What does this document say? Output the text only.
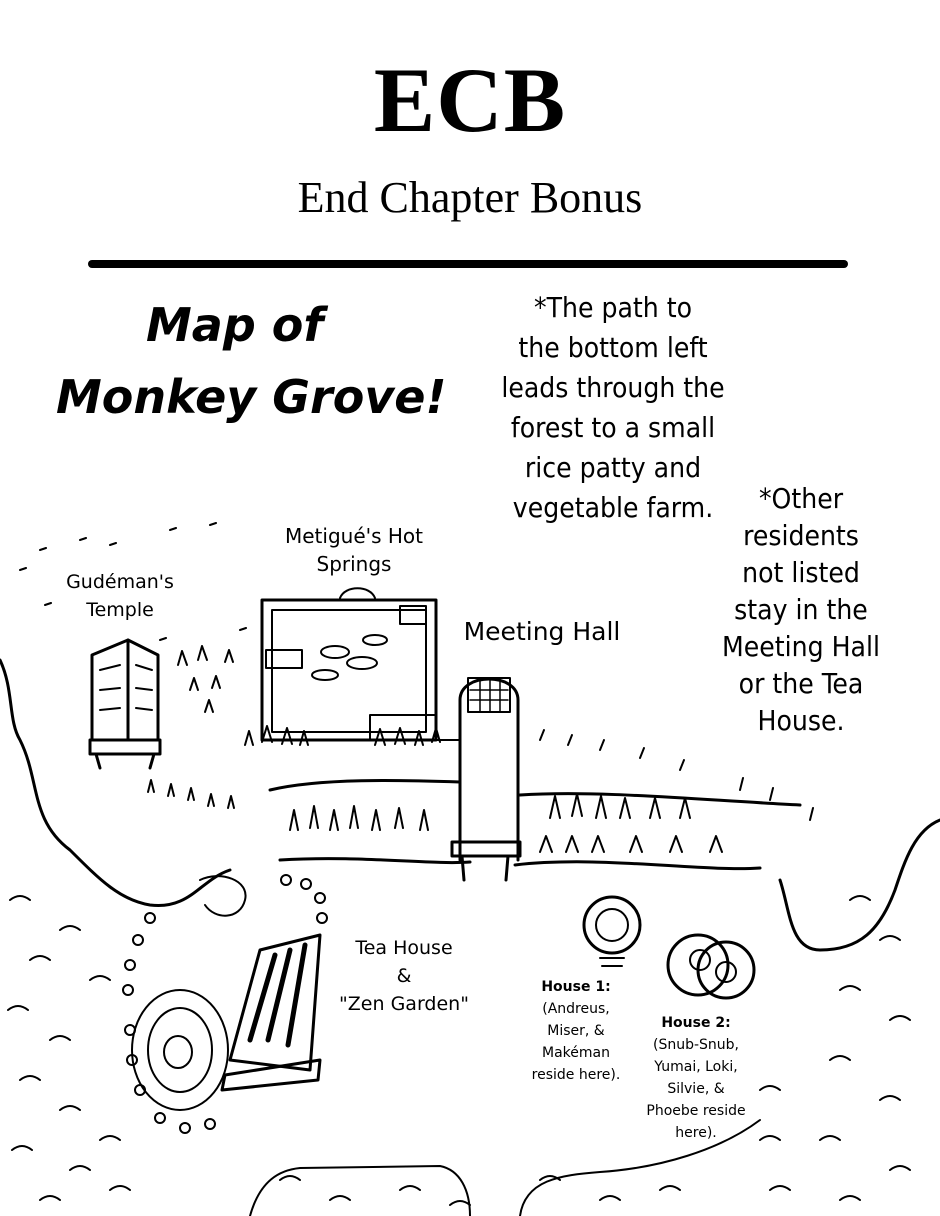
ECB
End Chapter Bonus
Map of
Monkey Grove!
*The path to
the bottom left
leads through the
forest to a small
rice patty and
vegetable farm.	*Other
residents
not listed
stay in the
Meeting Hall
or the Tea
House.
Gudéman's
Temple
Metigué's Hot
Springs
Meeting Hall
Tea House
&
"Zen Garden"
House 1:
(Andreus,
Miser, &
Makéman
reside here).
House 2:
(Snub-Snub,
Yumai, Loki,
Silvie, &
Phoebe reside
here).
